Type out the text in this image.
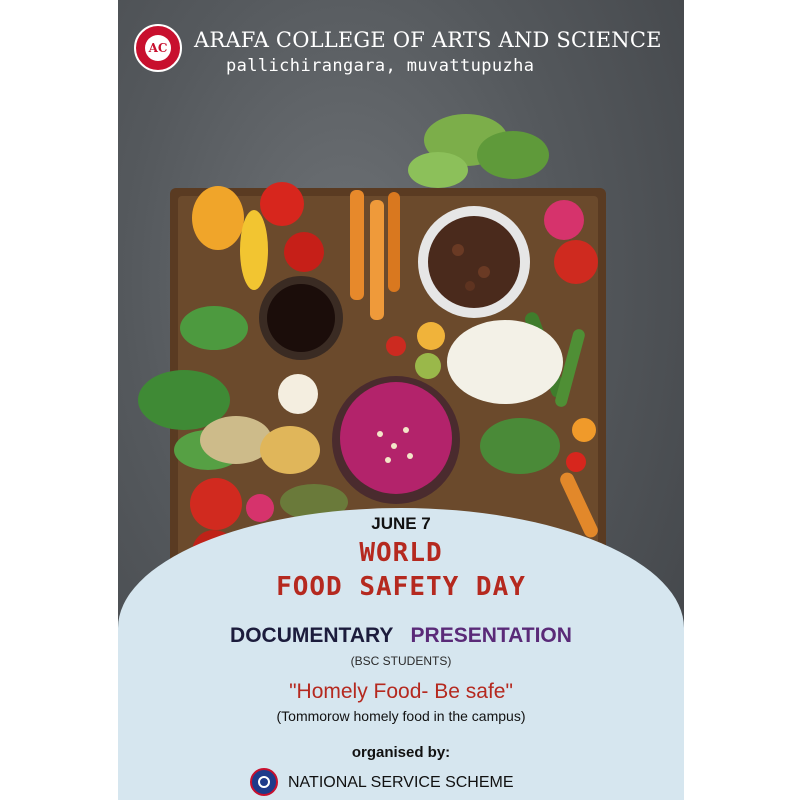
AC ARAFA COLLEGE OF ARTS AND SCIENCE
pallichirangara, muvattupuzha
JUNE 7
WORLD
FOOD SAFETY DAY
DOCUMENTARY PRESENTATION
(BSC STUDENTS)
"Homely Food- Be safe"
(Tommorow homely food in the campus)
organised by:
NATIONAL SERVICE SCHEME
